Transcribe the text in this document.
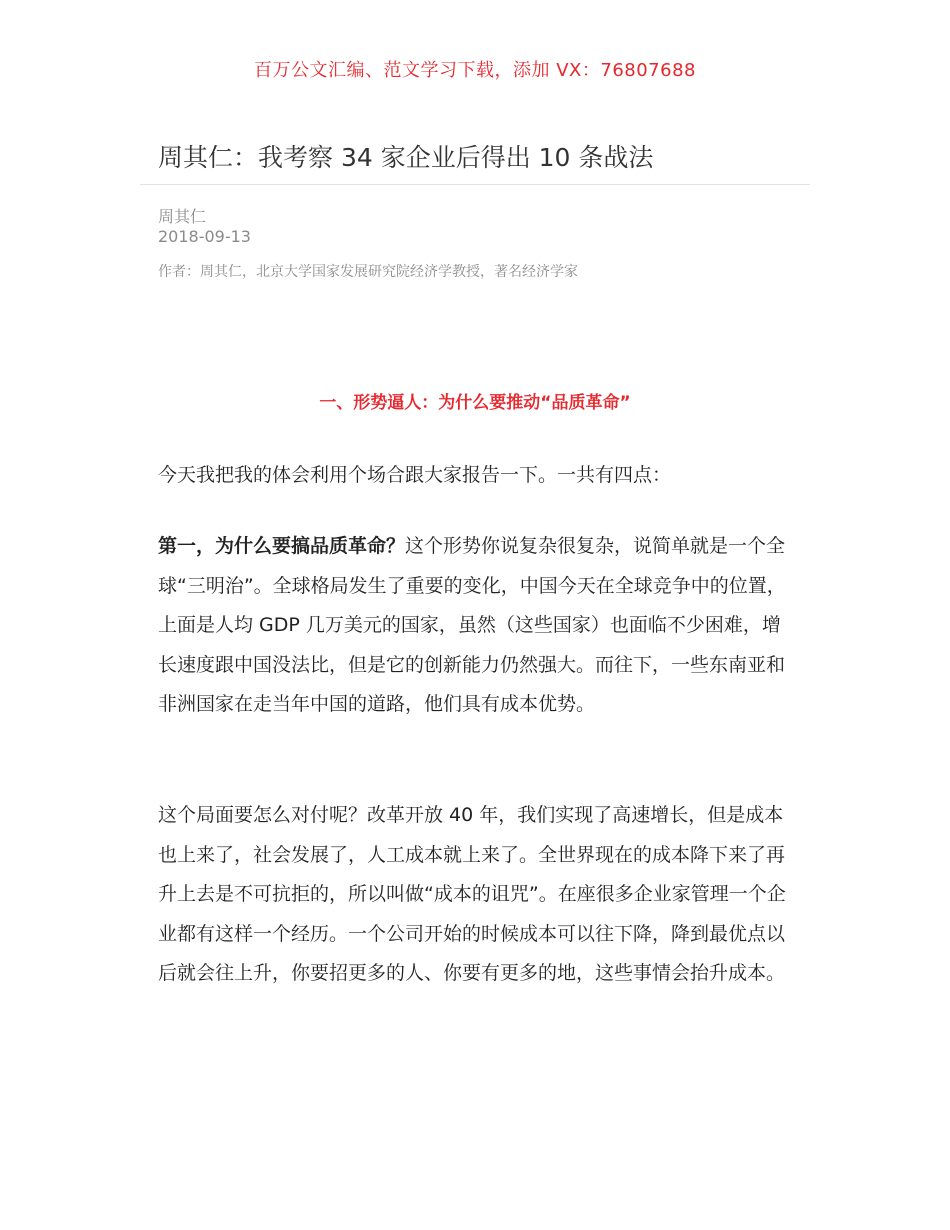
百万公文汇编、范文学习下载，添加 VX：76807688
周其仁：我考察 34 家企业后得出 10 条战法
周其仁
2018-09-13
作者：周其仁，北京大学国家发展研究院经济学教授，著名经济学家
一、形势逼人：为什么要推动“品质革命”

今天我把我的体会利用个场合跟大家报告一下。一共有四点：

第一，为什么要搞品质革命？这个形势你说复杂很复杂，说简单就是一个全球“三明治”。全球格局发生了重要的变化，中国今天在全球竞争中的位置，上面是人均 GDP 几万美元的国家，虽然（这些国家）也面临不少困难，增长速度跟中国没法比，但是它的创新能力仍然强大。而往下，一些东南亚和非洲国家在走当年中国的道路，他们具有成本优势。

这个局面要怎么对付呢？改革开放 40 年，我们实现了高速增长，但是成本也上来了，社会发展了，人工成本就上来了。全世界现在的成本降下来了再升上去是不可抗拒的，所以叫做“成本的诅咒”。在座很多企业家管理一个企业都有这样一个经历。一个公司开始的时候成本可以往下降，降到最优点以后就会往上升，你要招更多的人、你要有更多的地，这些事情会抬升成本。
